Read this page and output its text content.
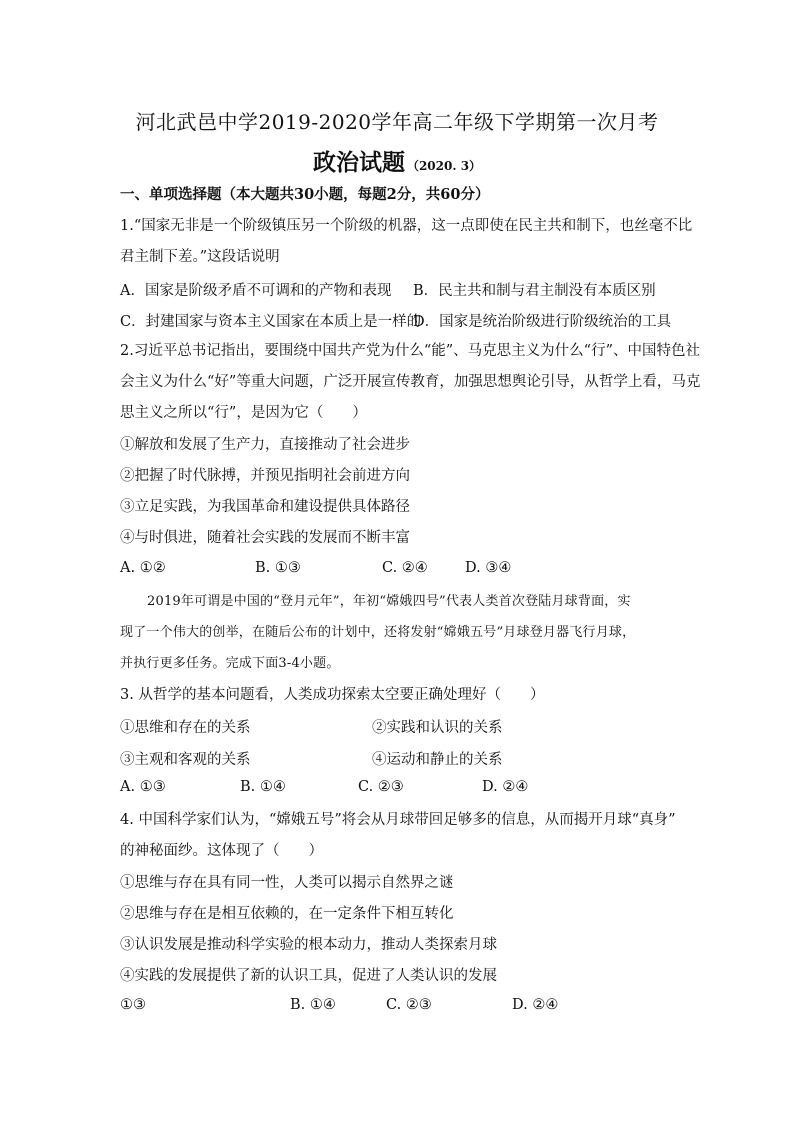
河北武邑中学2019-2020学年高二年级下学期第一次月考
政治试题 （2020. 3）
一、单项选择题（本大题共30小题，每题2分，共60分）
1.“国家无非是一个阶级镇压另一个阶级的机器，这一点即使在民主共和制下，也丝毫不比
君主制下差。”这段话说明
A．国家是阶级矛盾不可调和的产物和表现 B．民主共和制与君主制没有本质区别
C．封建国家与资本主义国家在本质上是一样的
D．国家是统治阶级进行阶级统治的工具
2.习近平总书记指出，要围绕中国共产党为什么“能”、马克思主义为什么“行”、中国特色社
会主义为什么“好”等重大问题，广泛开展宣传教育，加强思想舆论引导，从哲学上看，马克
思主义之所以“行”，是因为它（　　）
①解放和发展了生产力，直接推动了社会进步
②把握了时代脉搏，并预见指明社会前进方向
③立足实践，为我国革命和建设提供具体路径
④与时俱进，随着社会实践的发展而不断丰富
A. ①②	B. ①③	C. ②④	D. ③④
2019年可谓是中国的“登月元年”，年初“嫦娥四号”代表人类首次登陆月球背面，实
现了一个伟大的创举，在随后公布的计划中，还将发射“嫦娥五号”月球登月器飞行月球，
并执行更多任务。完成下面3-4小题。
3. 从哲学的基本问题看，人类成功探索太空要正确处理好（　　）
①思维和存在的关系	②实践和认识的关系
③主观和客观的关系	④运动和静止的关系
A. ①③	B. ①④	C. ②③	D. ②④
4. 中国科学家们认为，“嫦娥五号”将会从月球带回足够多的信息，从而揭开月球“真身”
的神秘面纱。这体现了（　　）
①思维与存在具有同一性，人类可以揭示自然界之谜
②思维与存在是相互依赖的，在一定条件下相互转化
③认识发展是推动科学实验的根本动力，推动人类探索月球
④实践的发展提供了新的认识工具，促进了人类认识的发展
①③	B. ①④	C. ②③	D. ②④
